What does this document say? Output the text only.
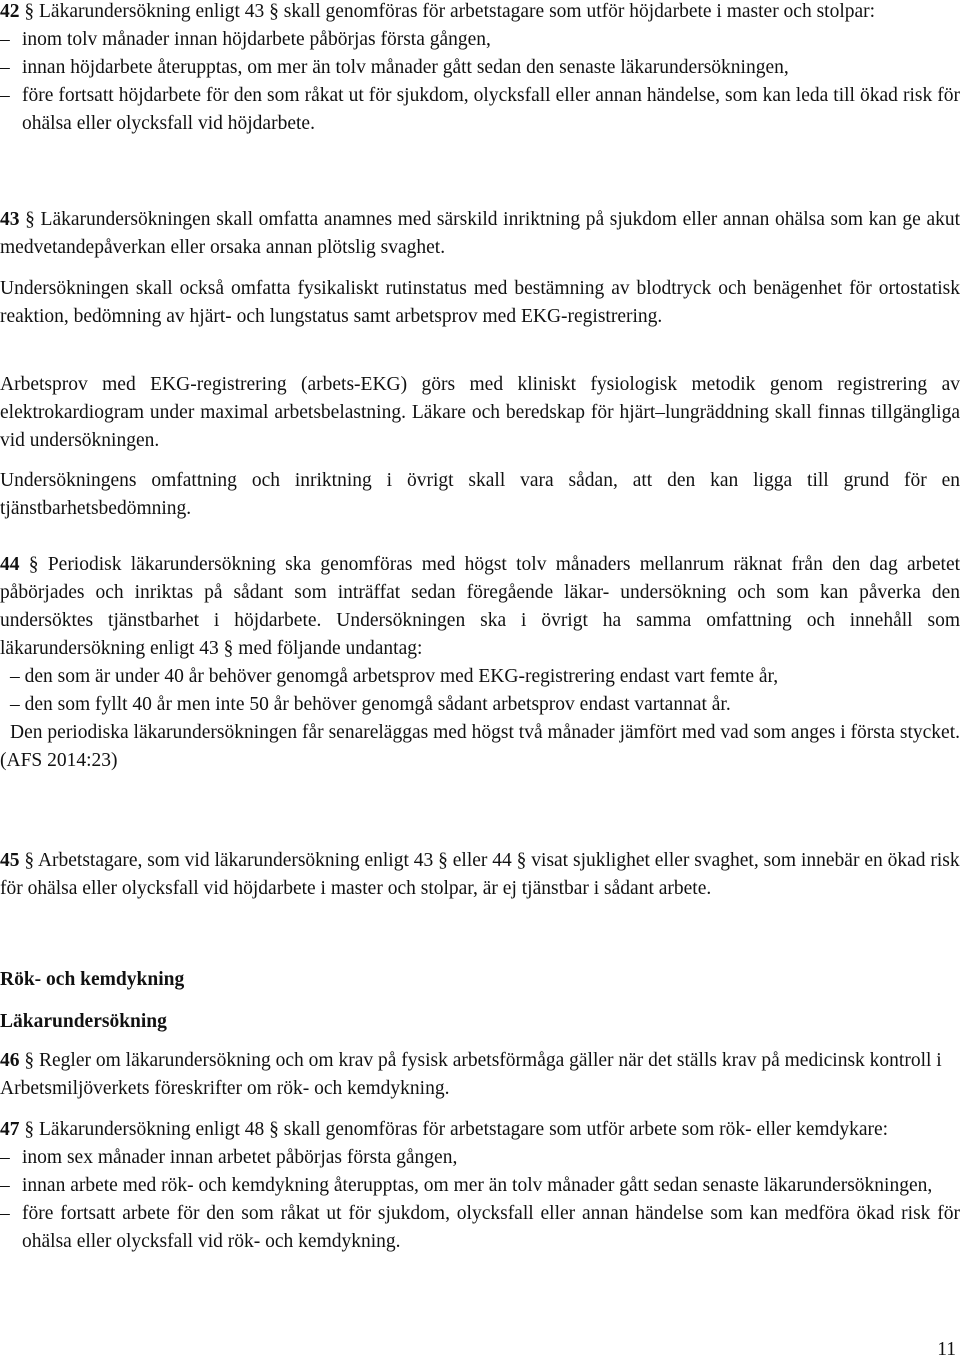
42 § Läkarundersökning enligt 43 § skall genomföras för arbetstagare som utför höjdarbete i master och stolpar:

– inom tolv månader innan höjdarbete påbörjas första gången,
– innan höjdarbete återupptas, om mer än tolv månader gått sedan den senaste läkarundersökningen,
– före fortsatt höjdarbete för den som råkat ut för sjukdom, olycksfall eller annan händelse, som kan leda till ökad risk för ohälsa eller olycksfall vid höjdarbete.

43 § Läkarundersökningen skall omfatta anamnes med särskild inriktning på sjukdom eller annan ohälsa som kan ge akut medvetandepåverkan eller orsaka annan plötslig svaghet.

Undersökningen skall också omfatta fysikaliskt rutinstatus med bestämning av blodtryck och benägenhet för ortostatisk reaktion, bedömning av hjärt- och lungstatus samt arbetsprov med EKG-registrering.

Arbetsprov med EKG-registrering (arbets-EKG) görs med kliniskt fysiologisk metodik genom registrering av elektrokardiogram under maximal arbetsbelastning. Läkare och beredskap för hjärt–lungräddning skall finnas tillgängliga vid undersökningen.

Undersökningens omfattning och inriktning i övrigt skall vara sådan, att den kan ligga till grund för en tjänstbarhetsbedömning.

44 § Periodisk läkarundersökning ska genomföras med högst tolv månaders mellanrum räknat från den dag arbetet påbörjades och inriktas på sådant som inträffat sedan föregående läkar- undersökning och som kan påverka den undersöktes tjänstbarhet i höjdarbete. Undersökningen ska i övrigt ha samma omfattning och innehåll som läkarundersökning enligt 43 § med följande undantag:

– den som är under 40 år behöver genomgå arbetsprov med EKG-registrering endast vart femte år,

– den som fyllt 40 år men inte 50 år behöver genomgå sådant arbetsprov endast vartannat år.

Den periodiska läkarundersökningen får senareläggas med högst två månader jämfört med vad som anges i första stycket. (AFS 2014:23)

45 § Arbetstagare, som vid läkarundersökning enligt 43 § eller 44 § visat sjuklighet eller svaghet, som innebär en ökad risk för ohälsa eller olycksfall vid höjdarbete i master och stolpar, är ej tjänstbar i sådant arbete.

Rök- och kemdykning
Läkarundersökning

46 § Regler om läkarundersökning och om krav på fysisk arbetsförmåga gäller när det ställs krav på medicinsk kontroll i Arbetsmiljöverkets föreskrifter om rök- och kemdykning.

47 § Läkarundersökning enligt 48 § skall genomföras för arbetstagare som utför arbete som rök- eller kemdykare:

– inom sex månader innan arbetet påbörjas första gången,
– innan arbete med rök- och kemdykning återupptas, om mer än tolv månader gått sedan senaste läkarundersökningen,
– före fortsatt arbete för den som råkat ut för sjukdom, olycksfall eller annan händelse som kan medföra ökad risk för ohälsa eller olycksfall vid rök- och kemdykning.
11
